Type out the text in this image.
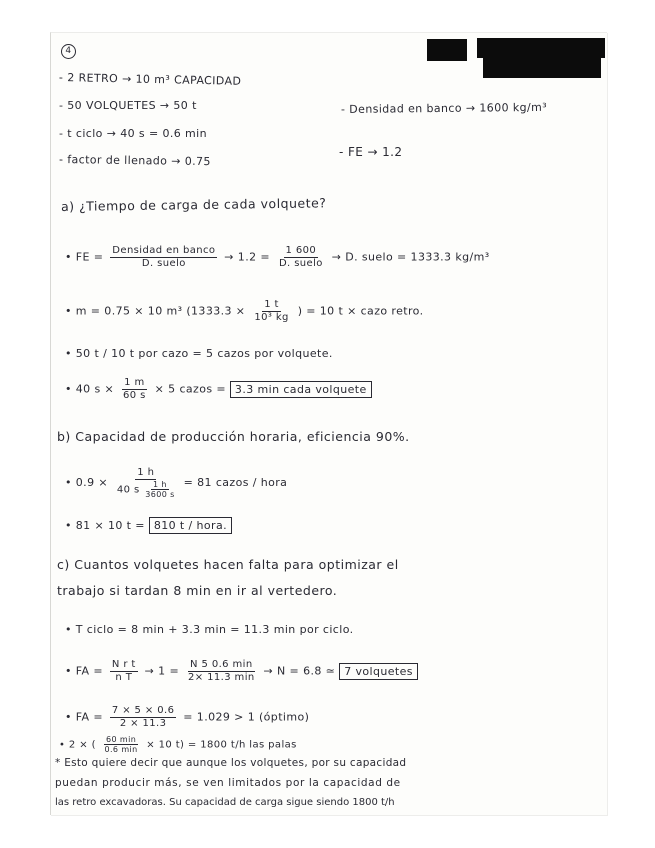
4
- 2 RETRO → 10 m³ CAPACIDAD
- 50 VOLQUETES → 50 t
- t ciclo → 40 s = 0.6 min
- factor de llenado → 0.75
- Densidad en banco → 1600 kg/m³
- FE → 1.2
a) ¿Tiempo de carga de cada volquete?
• FE = $\frac{\text{Densidad en banco}}{\text{D. suelo}} \to 1.2 = \frac{1 600}{\text{D. suelo}} \to D$. suelo = 1333.3 kg/m³
• m = 0.75 × 10 m³ ($1333.3 \times \frac{1 t}{\text{10³ kg}}$ ) = 10 t × cazo retro.
• 50 t / 10 t por cazo = 5 cazos por volquete.
• 40 $s \times \frac{1 m}{60 s} \times 5$ cazos = 3.3 min cada volquete
b) Capacidad de producción horaria, eficiencia 90%.
• $0.9 \times \frac{1 h}{40 s \frac{1 h}{3600 s}} = 81$ cazos / hora
• 81 × 10 t = 810 t / hora.
c) Cuantos volquetes hacen falta para optimizar el
trabajo si tardan 8 min en ir al vertedero.
• T ciclo = 8 min + 3.3 min = 11.3 min por ciclo.
• FA = $\frac{\text{N r t}}{\text{n T}} \to 1 = \frac{N 5 0.6 \min}{2\times 11.3 \min} \to N = 6.8$ ≃ 7 volquetes
• FA = $\frac{7 \times 5 \times 0.6}{2 \times 11.3} = 1.029 > 1$ (óptimo)
• 2 × ( $\frac{60 \min}{0.6 \min} \times 10$ t) = 1800 t/h las palas
* Esto quiere decir que aunque los volquetes, por su capacidad
puedan producir más, se ven limitados por la capacidad de
las retro excavadoras. Su capacidad de carga sigue siendo 1800 t/h
